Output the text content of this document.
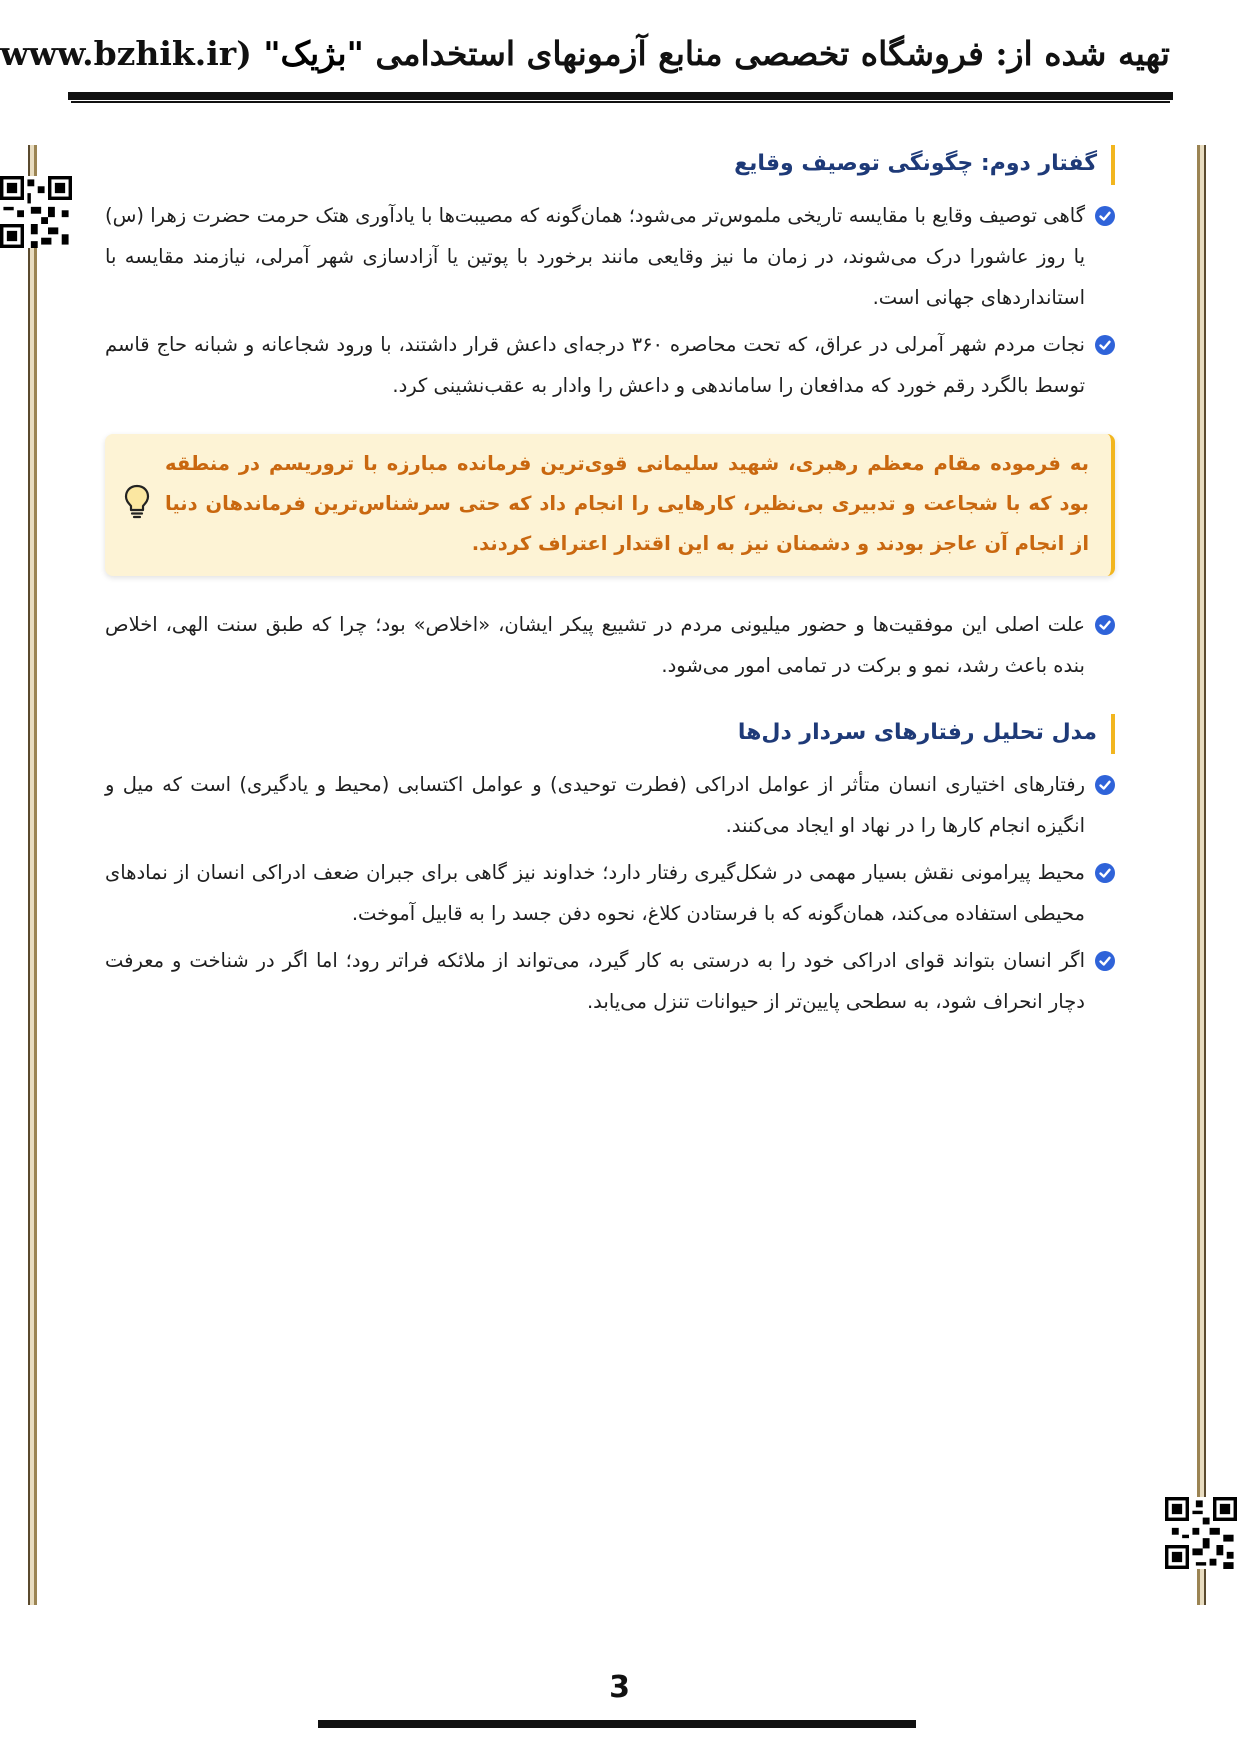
تهیه شده از: فروشگاه تخصصی منابع آزمونهای استخدامی "بژیک" (www.bzhik.ir
گفتار دوم: چگونگی توصیف وقایع
گاهی توصیف وقایع با مقایسه تاریخی ملموس‌تر می‌شود؛ همان‌گونه که مصیبت‌ها با یادآوری هتک حرمت حضرت زهرا (س) یا روز عاشورا درک می‌شوند، در زمان ما نیز وقایعی مانند برخورد با پوتین یا آزادسازی شهر آمرلی، نیازمند مقایسه با استانداردهای جهانی است.
نجات مردم شهر آمرلی در عراق، که تحت محاصره ۳۶۰ درجه‌ای داعش قرار داشتند، با ورود شجاعانه و شبانه حاج قاسم توسط بالگرد رقم خورد که مدافعان را ساماندهی و داعش را وادار به عقب‌نشینی کرد.
به فرموده مقام معظم رهبری، شهید سلیمانی قوی‌ترین فرمانده مبارزه با تروریسم در منطقه بود که با شجاعت و تدبیری بی‌نظیر، کارهایی را انجام داد که حتی سرشناس‌ترین فرماندهان دنیا از انجام آن عاجز بودند و دشمنان نیز به این اقتدار اعتراف کردند.
علت اصلی این موفقیت‌ها و حضور میلیونی مردم در تشییع پیکر ایشان، «اخلاص» بود؛ چرا که طبق سنت الهی، اخلاص بنده باعث رشد، نمو و برکت در تمامی امور می‌شود.
مدل تحلیل رفتارهای سردار دل‌ها
رفتارهای اختیاری انسان متأثر از عوامل ادراکی (فطرت توحیدی) و عوامل اکتسابی (محیط و یادگیری) است که میل و انگیزه انجام کارها را در نهاد او ایجاد می‌کنند.
محیط پیرامونی نقش بسیار مهمی در شکل‌گیری رفتار دارد؛ خداوند نیز گاهی برای جبران ضعف ادراکی انسان از نمادهای محیطی استفاده می‌کند، همان‌گونه که با فرستادن کلاغ، نحوه دفن جسد را به قابیل آموخت.
اگر انسان بتواند قوای ادراکی خود را به درستی به کار گیرد، می‌تواند از ملائکه فراتر رود؛ اما اگر در شناخت و معرفت دچار انحراف شود، به سطحی پایین‌تر از حیوانات تنزل می‌یابد.
3
